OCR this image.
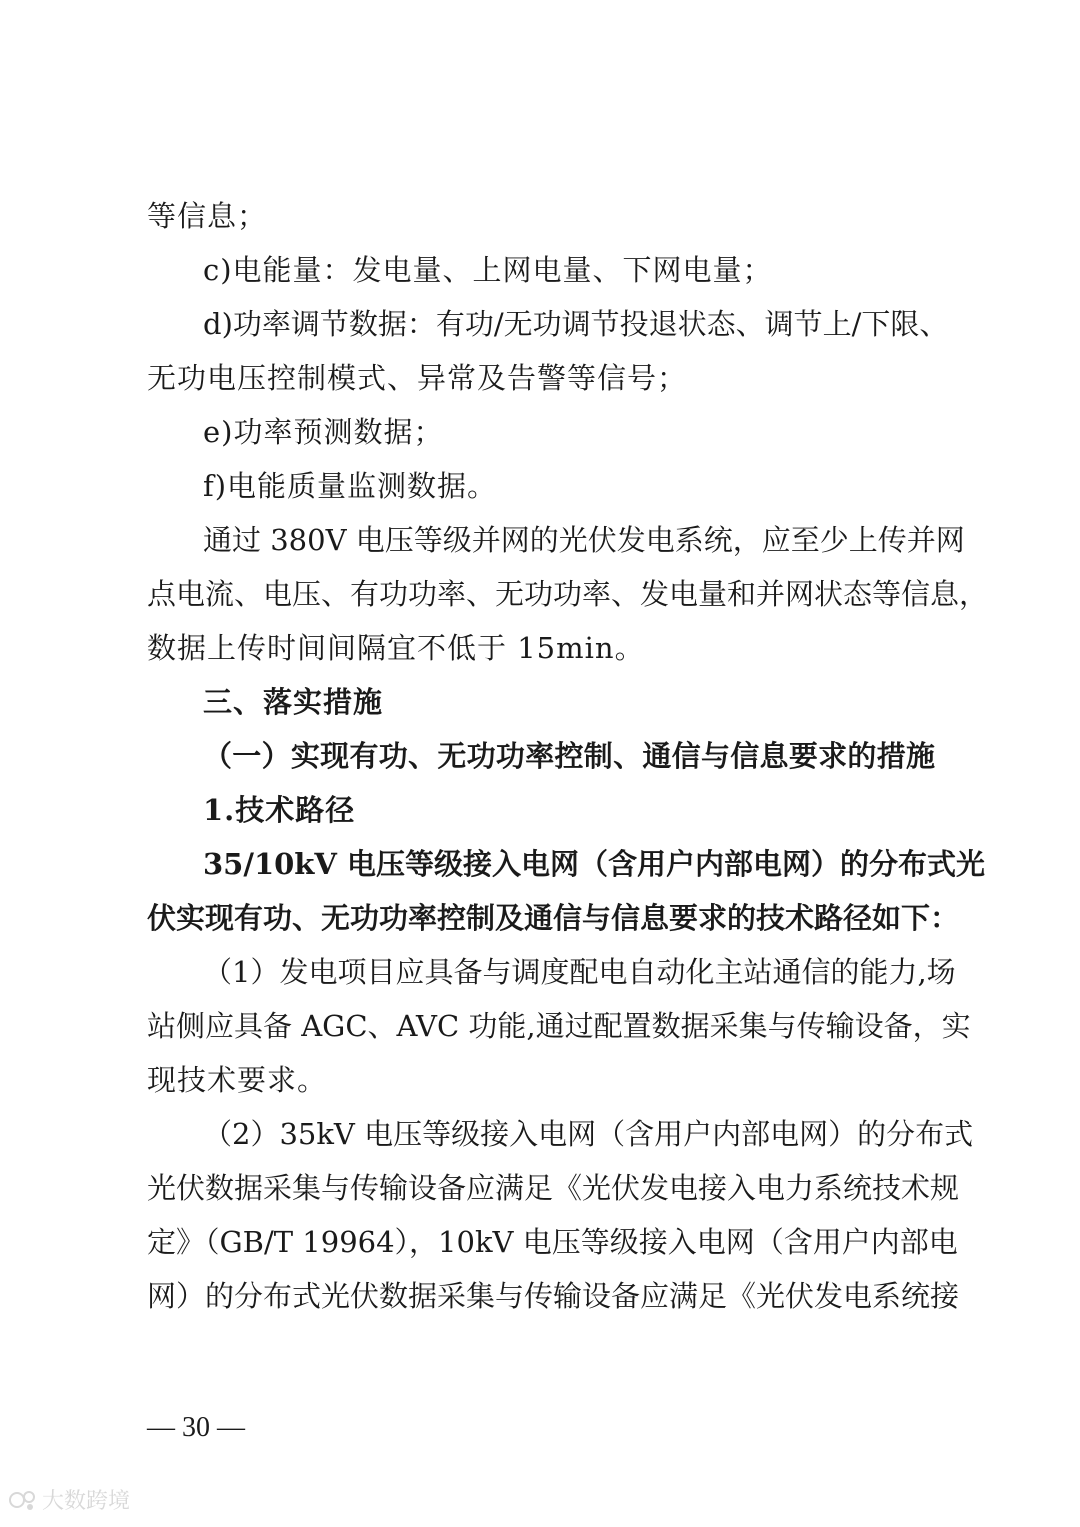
等信息；
c)电能量：发电量、上网电量、下网电量；
d)功率调节数据：有功/无功调节投退状态、调节上/下限、
无功电压控制模式、异常及告警等信号；
e)功率预测数据；
f)电能质量监测数据。
通过 380V 电压等级并网的光伏发电系统，应至少上传并网
点电流、电压、有功功率、无功功率、发电量和并网状态等信息，
数据上传时间间隔宜不低于 15min。
三、落实措施
（一）实现有功、无功功率控制、通信与信息要求的措施
1.技术路径
35/10kV 电压等级接入电网（含用户内部电网）的分布式光
伏实现有功、无功功率控制及通信与信息要求的技术路径如下：
（1）发电项目应具备与调度配电自动化主站通信的能力,场
站侧应具备 AGC、AVC 功能,通过配置数据采集与传输设备，实
现技术要求。
（2）35kV 电压等级接入电网（含用户内部电网）的分布式
光伏数据采集与传输设备应满足《光伏发电接入电力系统技术规
定》（GB/T 19964），10kV 电压等级接入电网（含用户内部电
网）的分布式光伏数据采集与传输设备应满足《光伏发电系统接
— 30 —
大数跨境
